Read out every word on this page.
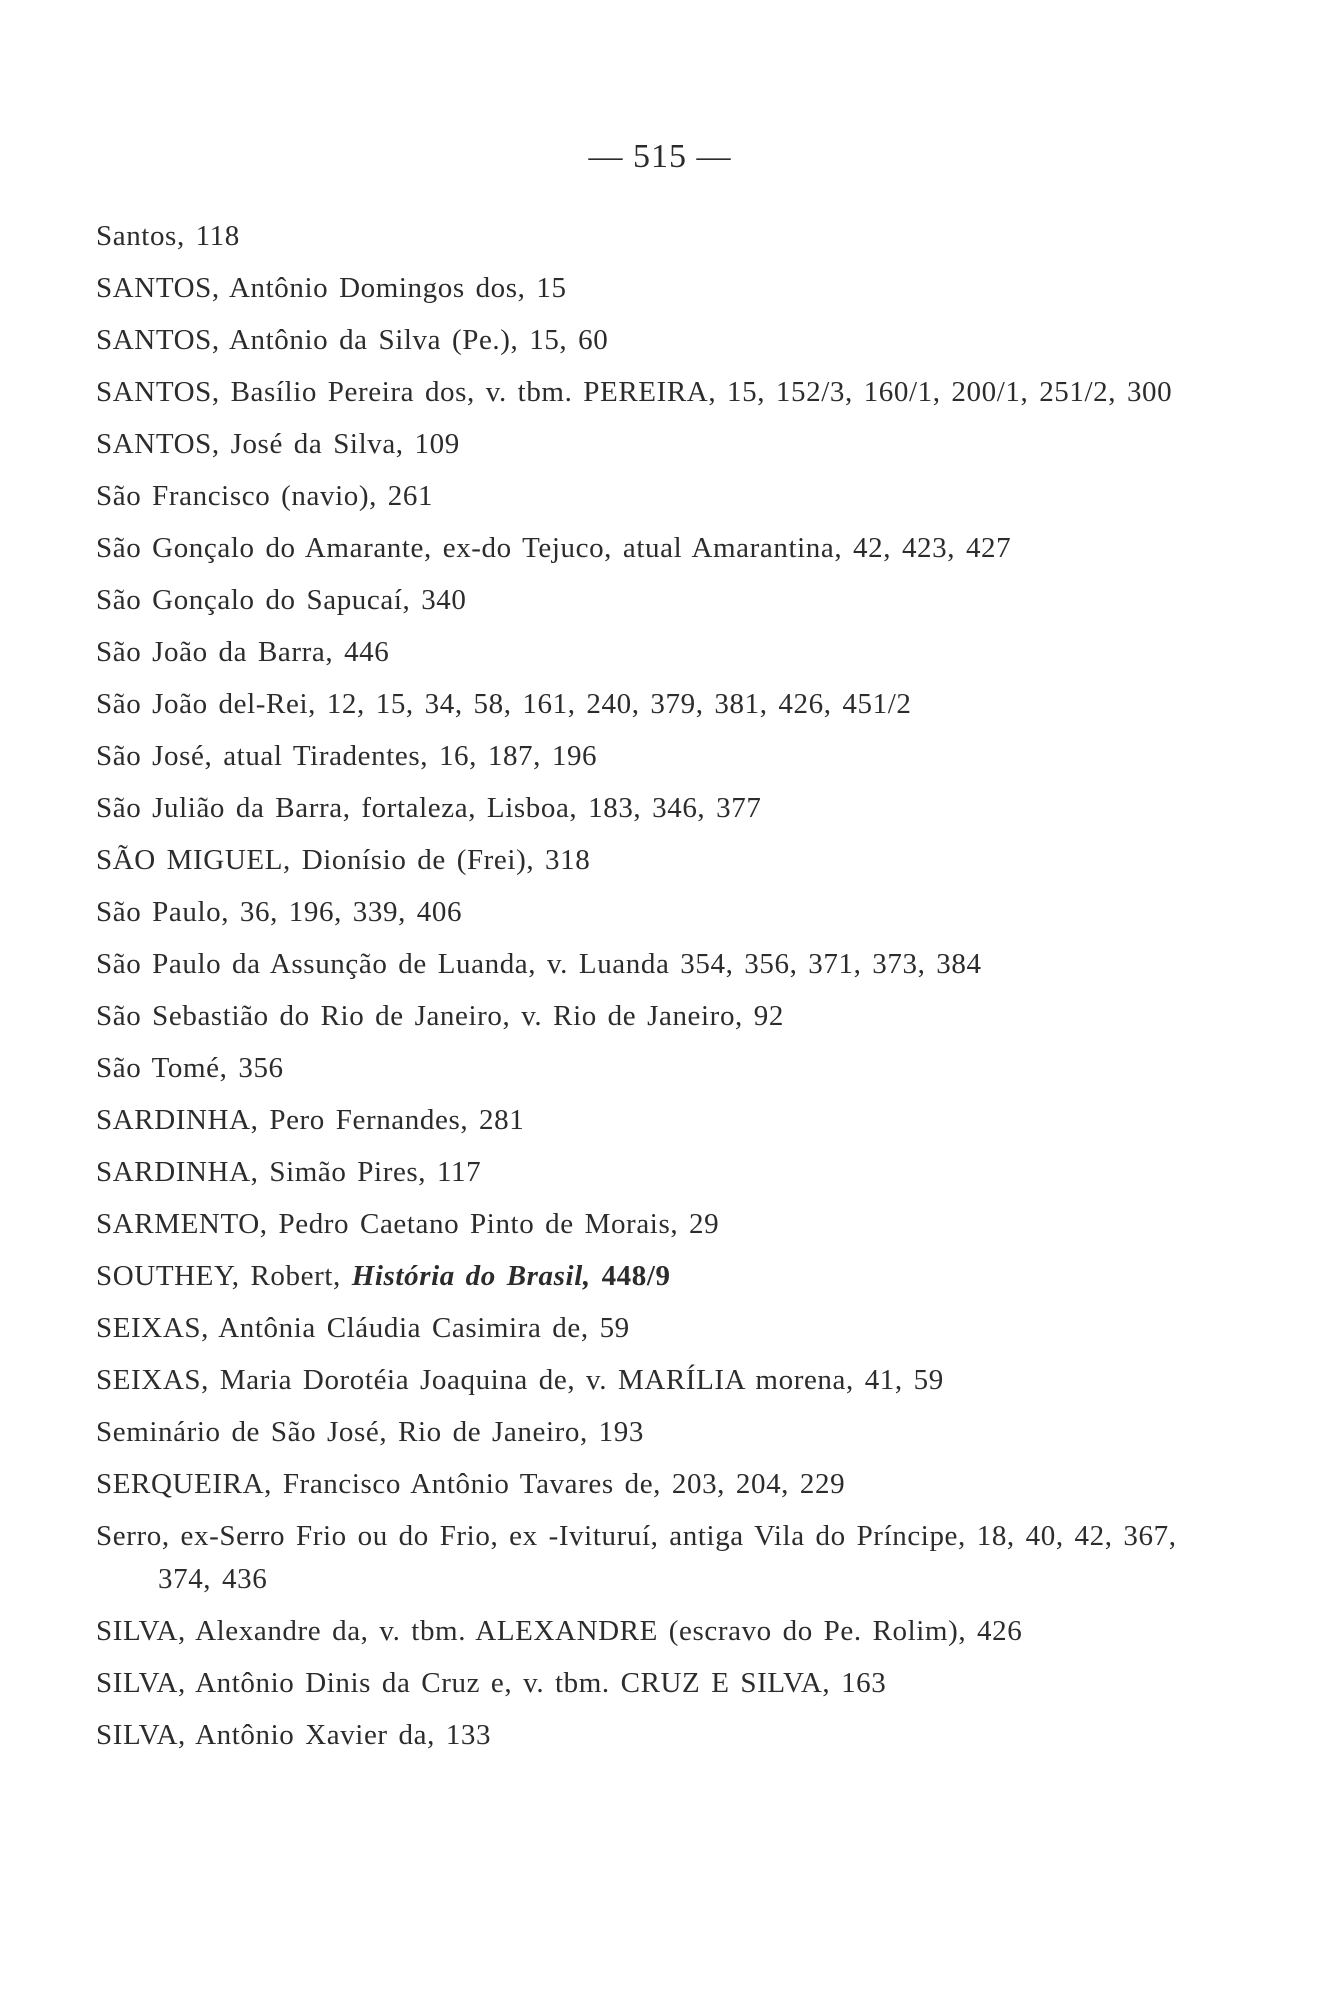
— 515 —
Santos, 118
SANTOS, Antônio Domingos dos, 15
SANTOS, Antônio da Silva (Pe.), 15, 60
SANTOS, Basílio Pereira dos, v. tbm. PEREIRA, 15, 152/3, 160/1, 200/1, 251/2, 300
SANTOS, José da Silva, 109
São Francisco (navio), 261
São Gonçalo do Amarante, ex-do Tejuco, atual Amarantina, 42, 423, 427
São Gonçalo do Sapucaí, 340
São João da Barra, 446
São João del-Rei, 12, 15, 34, 58, 161, 240, 379, 381, 426, 451/2
São José, atual Tiradentes, 16, 187, 196
São Julião da Barra, fortaleza, Lisboa, 183, 346, 377
SÃO MIGUEL, Dionísio de (Frei), 318
São Paulo, 36, 196, 339, 406
São Paulo da Assunção de Luanda, v. Luanda 354, 356, 371, 373, 384
São Sebastião do Rio de Janeiro, v. Rio de Janeiro, 92
São Tomé, 356
SARDINHA, Pero Fernandes, 281
SARDINHA, Simão Pires, 117
SARMENTO, Pedro Caetano Pinto de Morais, 29
SOUTHEY, Robert, História do Brasil, 448/9
SEIXAS, Antônia Cláudia Casimira de, 59
SEIXAS, Maria Dorotéia Joaquina de, v. MARÍLIA morena, 41, 59
Seminário de São José, Rio de Janeiro, 193
SERQUEIRA, Francisco Antônio Tavares de, 203, 204, 229
Serro, ex-Serro Frio ou do Frio, ex -Ivituruí, antiga Vila do Príncipe, 18, 40, 42, 367, 374, 436
SILVA, Alexandre da, v. tbm. ALEXANDRE (escravo do Pe. Rolim), 426
SILVA, Antônio Dinis da Cruz e, v. tbm. CRUZ E SILVA, 163
SILVA, Antônio Xavier da, 133
